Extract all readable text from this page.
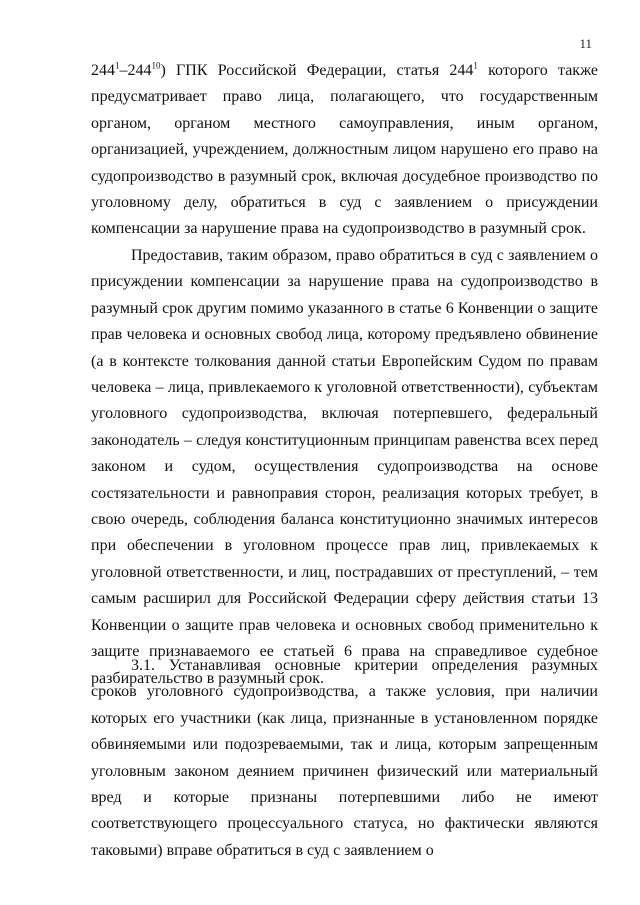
11

$244^1-244^{10}$) ГПК Российской Федерации, статья $244^1$ которого также предусматривает право лица, полагающего, что государственным органом, органом местного самоуправления, иным органом, организацией, учреждением, должностным лицом нарушено его право на судопроизводство в разумный срок, включая досудебное производство по уголовному делу, обратиться в суд с заявлением о присуждении компенсации за нарушение права на судопроизводство в разумный срок.

Предоставив, таким образом, право обратиться в суд с заявлением о присуждении компенсации за нарушение права на судопроизводство в разумный срок другим помимо указанного в статье 6 Конвенции о защите прав человека и основных свобод лица, которому предъявлено обвинение (а в контексте толкования данной статьи Европейским Судом по правам человека – лица, привлекаемого к уголовной ответственности), субъектам уголовного судопроизводства, включая потерпевшего, федеральный законодатель – следуя конституционным принципам равенства всех перед законом и судом, осуществления судопроизводства на основе состязательности и равноправия сторон, реализация которых требует, в свою очередь, соблюдения баланса конституционно значимых интересов при обеспечении в уголовном процессе прав лиц, привлекаемых к уголовной ответственности, и лиц, пострадавших от преступлений, – тем самым расширил для Российской Федерации сферу действия статьи 13 Конвенции о защите прав человека и основных свобод применительно к защите признаваемого ее статьей 6 права на справедливое судебное разбирательство в разумный срок.

3.1. Устанавливая основные критерии определения разумных сроков уголовного судопроизводства, а также условия, при наличии которых его участники (как лица, признанные в установленном порядке обвиняемыми или подозреваемыми, так и лица, которым запрещенным уголовным законом деянием причинен физический или материальный вред и которые признаны потерпевшими либо не имеют соответствующего процессуального статуса, но фактически являются таковыми) вправе обратиться в суд с заявлением о
